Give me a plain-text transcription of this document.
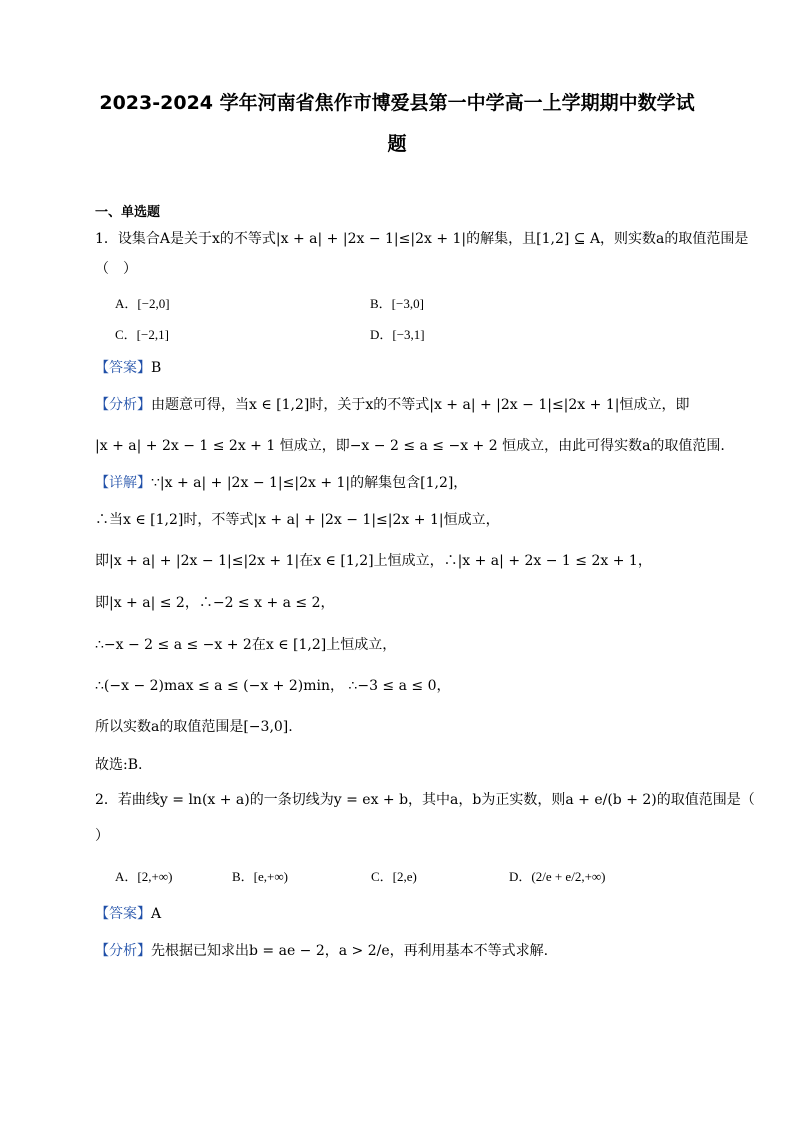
2023-2024 学年河南省焦作市博爱县第一中学高一上学期期中数学试
题
一、单选题
1．设集合A是关于x的不等式|x + a| + |2x − 1|≤|2x + 1|的解集，且[1,2] ⊆ A，则实数a的取值范围是
（　）
A．[−2,0]	B．[−3,0]
C．[−2,1]	D．[−3,1]
【答案】B
【分析】由题意可得，当x ∈ [1,2]时，关于x的不等式|x + a| + |2x − 1|≤|2x + 1|恒成立，即
|x + a| + 2x − 1 ≤ 2x + 1 恒成立，即−x − 2 ≤ a ≤ −x + 2 恒成立，由此可得实数a的取值范围.
【详解】∵|x + a| + |2x − 1|≤|2x + 1|的解集包含[1,2]，
∴当x ∈ [1,2]时，不等式|x + a| + |2x − 1|≤|2x + 1|恒成立，
即|x + a| + |2x − 1|≤|2x + 1|在x ∈ [1,2]上恒成立，∴|x + a| + 2x − 1 ≤ 2x + 1，
即|x + a| ≤ 2，∴−2 ≤ x + a ≤ 2，
∴−x − 2 ≤ a ≤ −x + 2在x ∈ [1,2]上恒成立，
∴(−x − 2)max ≤ a ≤ (−x + 2)min， ∴−3 ≤ a ≤ 0，
所以实数a的取值范围是[−3,0].
故选:B.
2．若曲线y = ln(x + a)的一条切线为y = ex + b，其中a，b为正实数，则a + e/(b + 2)的取值范围是（
）
A．[2,+∞)	B．[e,+∞)	C．[2,e)	D．(2/e + e/2,+∞)
【答案】A
【分析】先根据已知求出b = ae − 2，a > 2/e，再利用基本不等式求解.
